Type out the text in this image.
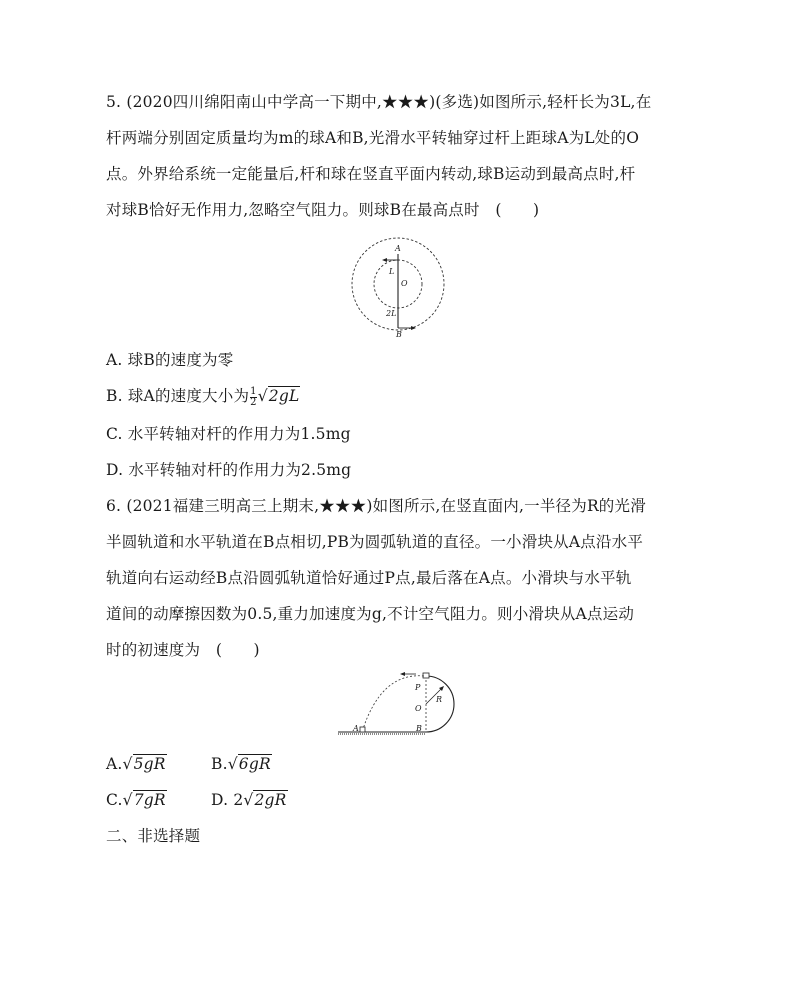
5. (2020四川绵阳南山中学高一下期中,★★★)(多选)如图所示,轻杆长为3L,在
杆两端分别固定质量均为m的球A和B,光滑水平转轴穿过杆上距球A为L处的O
点。外界给系统一定能量后,杆和球在竖直平面内转动,球B运动到最高点时,杆
对球B恰好无作用力,忽略空气阻力。则球B在最高点时　(　　)
A
L
O
2L
B
A. 球B的速度为零
B. 球A的速度大小为 $\frac{1}{2} √2gL$
C. 水平转轴对杆的作用力为1.5mg
D. 水平转轴对杆的作用力为2.5mg
6. (2021福建三明高三上期末,★★★)如图所示,在竖直面内,一半径为R的光滑
半圆轨道和水平轨道在B点相切,PB为圆弧轨道的直径。一小滑块从A点沿水平
轨道向右运动经B点沿圆弧轨道恰好通过P点,最后落在A点。小滑块与水平轨
道间的动摩擦因数为0.5,重力加速度为g,不计空气阻力。则小滑块从A点运动
时的初速度为　(　　)
P
O
R
A	B
A.√5gR	B.√6gR
C.√7gR	D. 2√2gR
二、非选择题
